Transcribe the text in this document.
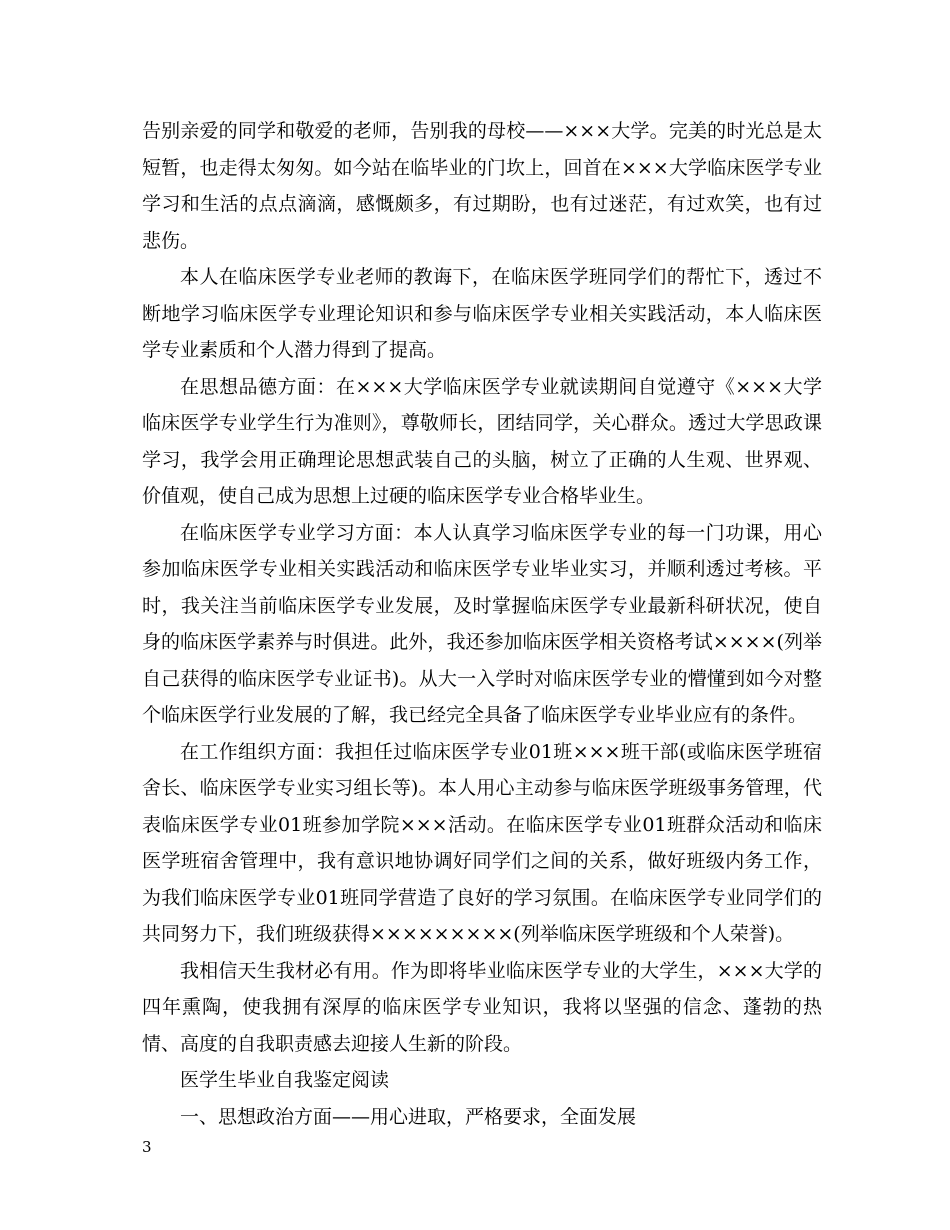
告别亲爱的同学和敬爱的老师，告别我的母校——×××大学。完美的时光总是太短暂，也走得太匆匆。如今站在临毕业的门坎上，回首在×××大学临床医学专业学习和生活的点点滴滴，感慨颇多，有过期盼，也有过迷茫，有过欢笑，也有过悲伤。

本人在临床医学专业老师的教诲下，在临床医学班同学们的帮忙下，透过不断地学习临床医学专业理论知识和参与临床医学专业相关实践活动，本人临床医学专业素质和个人潜力得到了提高。

在思想品德方面：在×××大学临床医学专业就读期间自觉遵守《×××大学临床医学专业学生行为准则》，尊敬师长，团结同学，关心群众。透过大学思政课学习，我学会用正确理论思想武装自己的头脑，树立了正确的人生观、世界观、价值观，使自己成为思想上过硬的临床医学专业合格毕业生。

在临床医学专业学习方面：本人认真学习临床医学专业的每一门功课，用心参加临床医学专业相关实践活动和临床医学专业毕业实习，并顺利透过考核。平时，我关注当前临床医学专业发展，及时掌握临床医学专业最新科研状况，使自身的临床医学素养与时俱进。此外，我还参加临床医学相关资格考试××××(列举自己获得的临床医学专业证书)。从大一入学时对临床医学专业的懵懂到如今对整个临床医学行业发展的了解，我已经完全具备了临床医学专业毕业应有的条件。

在工作组织方面：我担任过临床医学专业01班×××班干部(或临床医学班宿舍长、临床医学专业实习组长等)。本人用心主动参与临床医学班级事务管理，代表临床医学专业01班参加学院×××活动。在临床医学专业01班群众活动和临床医学班宿舍管理中，我有意识地协调好同学们之间的关系，做好班级内务工作，为我们临床医学专业01班同学营造了良好的学习氛围。在临床医学专业同学们的共同努力下，我们班级获得×××××××××(列举临床医学班级和个人荣誉)。

我相信天生我材必有用。作为即将毕业临床医学专业的大学生，×××大学的四年熏陶，使我拥有深厚的临床医学专业知识，我将以坚强的信念、蓬勃的热情、高度的自我职责感去迎接人生新的阶段。

医学生毕业自我鉴定阅读

一、思想政治方面——用心进取，严格要求，全面发展

3
